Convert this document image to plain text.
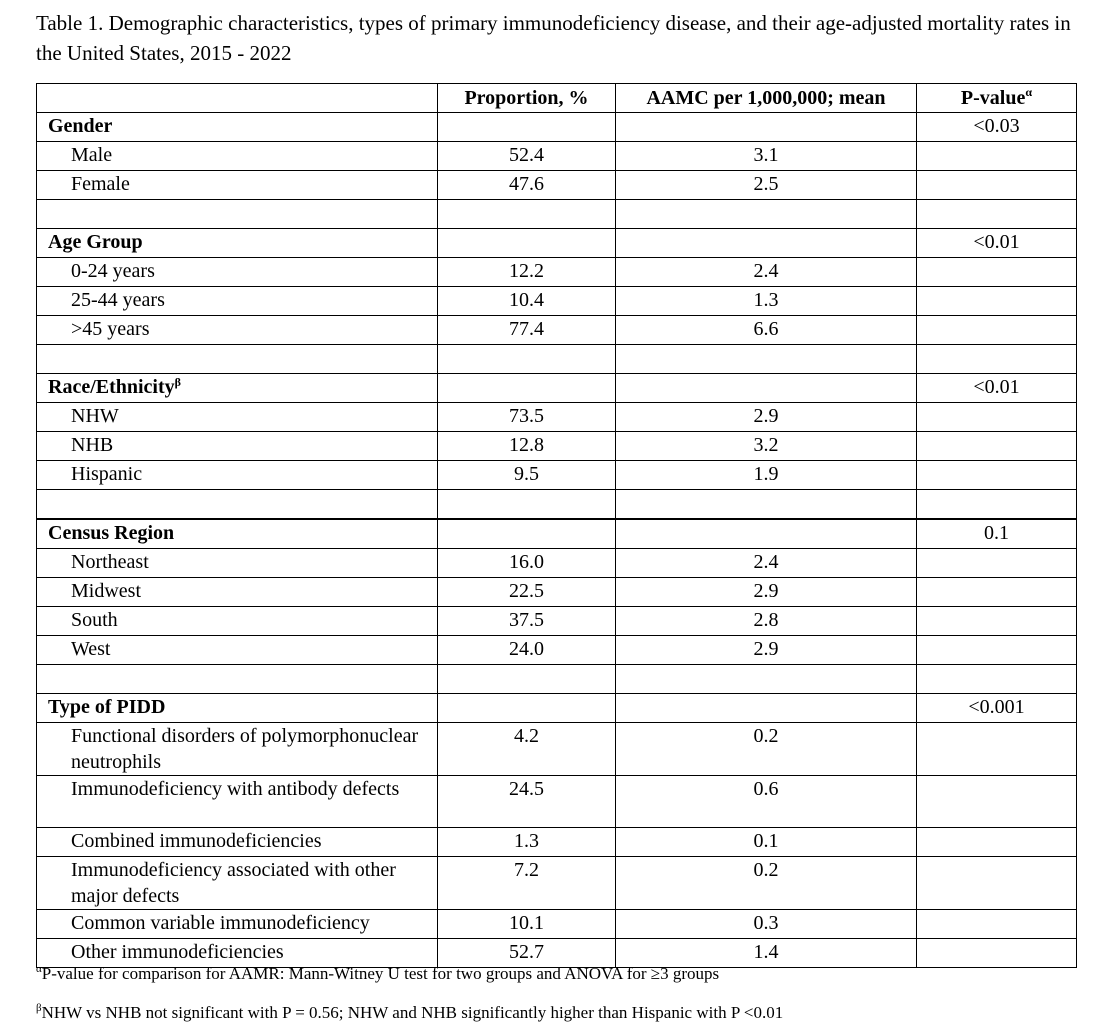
Table 1. Demographic characteristics, types of primary immunodeficiency disease, and their age-adjusted mortality rates in the United States, 2015 - 2022
	Proportion, %	AAMC per 1,000,000; mean	P-value$^\alpha$
Gender			<0.03
Male	52.4	3.1	
Female	47.6	2.5	

Age Group			<0.01
0-24 years	12.2	2.4	
25-44 years	10.4	1.3	
>45 years	77.4	6.6	

Race/Ethnicity$^\beta$			<0.01
NHW	73.5	2.9	
NHB	12.8	3.2	
Hispanic	9.5	1.9	

Census Region			0.1
Northeast	16.0	2.4	
Midwest	22.5	2.9	
South	37.5	2.8	
West	24.0	2.9	

Type of PIDD			<0.001
Functional disorders of polymorphonuclear neutrophils	4.2	0.2	
Immunodeficiency with antibody defects	24.5	0.6	
Combined immunodeficiencies	1.3	0.1	
Immunodeficiency associated with other major defects	7.2	0.2	
Common variable immunodeficiency	10.1	0.3	
Other immunodeficiencies	52.7	1.4	
$^\alpha$P-value for comparison for AAMR: Mann-Witney U test for two groups and ANOVA for ≥3 groups
$^\beta$NHW vs NHB not significant with P = 0.56; NHW and NHB significantly higher than Hispanic with P <0.01
